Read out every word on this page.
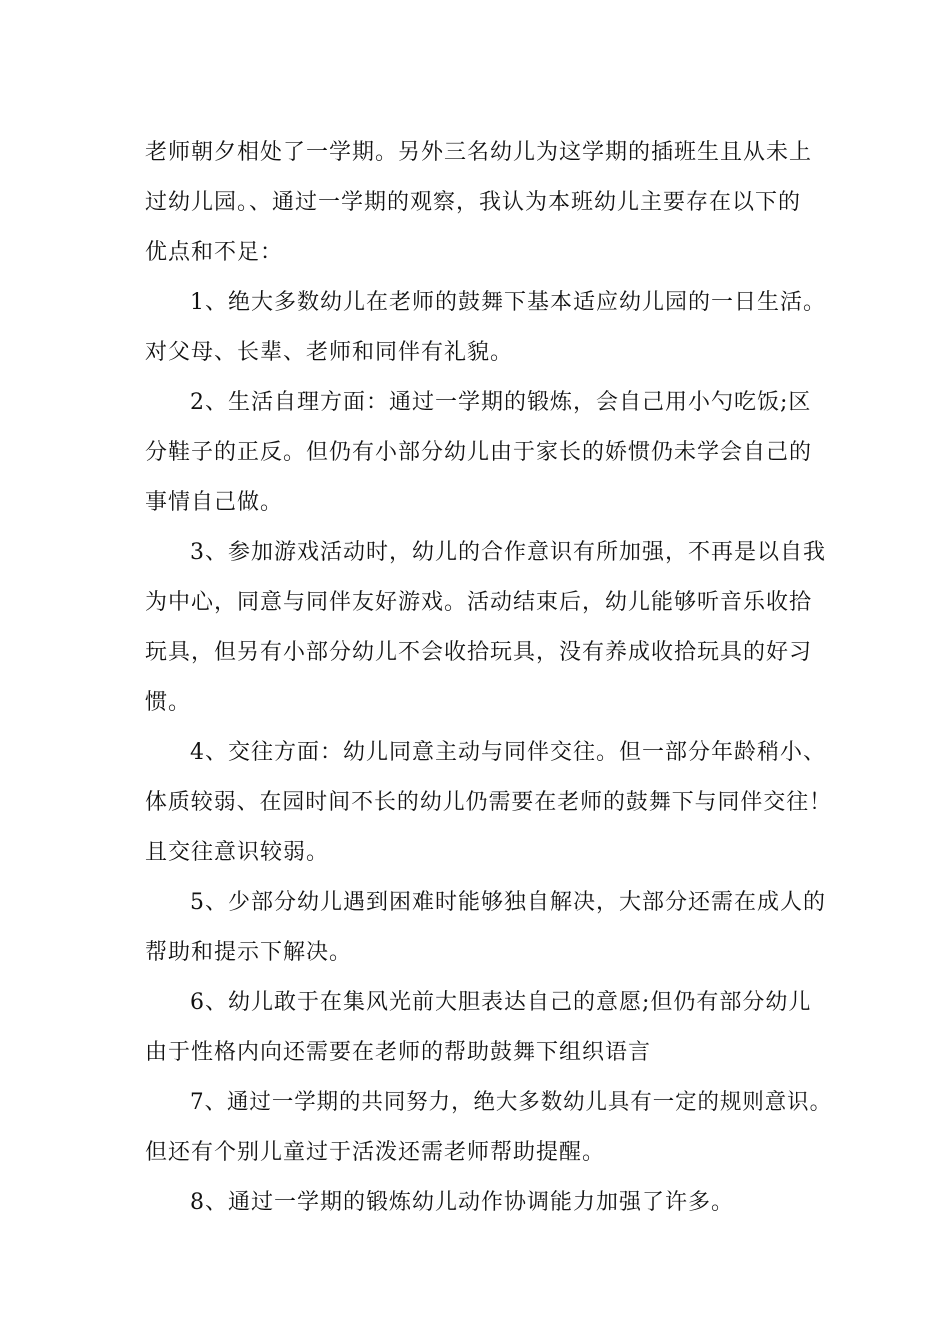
老师朝夕相处了一学期。另外三名幼儿为这学期的插班生且从未上
过幼儿园。、通过一学期的观察，我认为本班幼儿主要存在以下的
优点和不足：
1、绝大多数幼儿在老师的鼓舞下基本适应幼儿园的一日生活。
对父母、长辈、老师和同伴有礼貌。
2、生活自理方面：通过一学期的锻炼，会自己用小勺吃饭;区
分鞋子的正反。但仍有小部分幼儿由于家长的娇惯仍未学会自己的
事情自己做。
3、参加游戏活动时，幼儿的合作意识有所加强，不再是以自我
为中心，同意与同伴友好游戏。活动结束后，幼儿能够听音乐收拾
玩具，但另有小部分幼儿不会收拾玩具，没有养成收拾玩具的好习
惯。
4、交往方面：幼儿同意主动与同伴交往。但一部分年龄稍小、
体质较弱、在园时间不长的幼儿仍需要在老师的鼓舞下与同伴交往！
且交往意识较弱。
5、少部分幼儿遇到困难时能够独自解决，大部分还需在成人的
帮助和提示下解决。
6、幼儿敢于在集风光前大胆表达自己的意愿;但仍有部分幼儿
由于性格内向还需要在老师的帮助鼓舞下组织语言
7、通过一学期的共同努力，绝大多数幼儿具有一定的规则意识。
但还有个别儿童过于活泼还需老师帮助提醒。
8、通过一学期的锻炼幼儿动作协调能力加强了许多。
